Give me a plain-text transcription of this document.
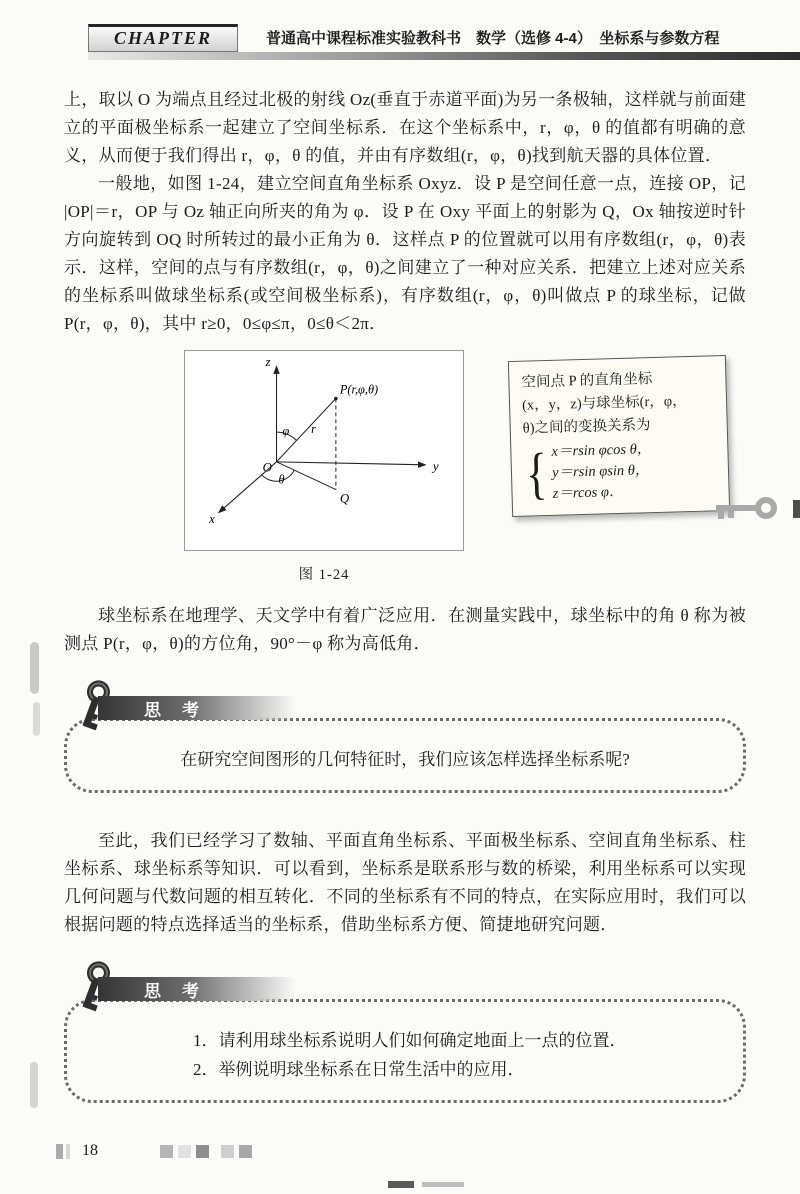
CHAPTER	普通高中课程标准实验教科书　数学（选修 4-4）　坐标系与参数方程

上，取以 O 为端点且经过北极的射线 Oz(垂直于赤道平面)为另一条极轴，这样就与前面建立的平面极坐标系一起建立了空间坐标系．在这个坐标系中，r，φ，θ 的值都有明确的意义，从而便于我们得出 r，φ，θ 的值，并由有序数组(r，φ，θ)找到航天器的具体位置．

一般地，如图 1-24，建立空间直角坐标系 Oxyz．设 P 是空间任意一点，连接 OP，记 |OP|＝r，OP 与 Oz 轴正向所夹的角为 φ．设 P 在 Oxy 平面上的射影为 Q，Ox 轴按逆时针方向旋转到 OQ 时所转过的最小正角为 θ．这样点 P 的位置就可以用有序数组(r，φ，θ)表示．这样，空间的点与有序数组(r，φ，θ)之间建立了一种对应关系．把建立上述对应关系的坐标系叫做球坐标系(或空间极坐标系)，有序数组(r，φ，θ)叫做点 P 的球坐标，记做 P(r，φ，θ)，其中 r≥0，0≤φ≤π，0≤θ＜2π．

z
y
x
O
P(r,φ,θ)
Q
r
φ
θ
图 1-24

空间点 P 的直角坐标

(x，y，z)与球坐标(r，φ，

θ)之间的变换关系为

{ x＝rsin φcos θ，

y＝rsin φsin θ，

z＝rcos φ．

球坐标系在地理学、天文学中有着广泛应用．在测量实践中，球坐标中的角 θ 称为被测点 P(r，φ，θ)的方位角，90°－φ 称为高低角．

思　考

在研究空间图形的几何特征时，我们应该怎样选择坐标系呢?

至此，我们已经学习了数轴、平面直角坐标系、平面极坐标系、空间直角坐标系、柱坐标系、球坐标系等知识．可以看到，坐标系是联系形与数的桥梁，利用坐标系可以实现几何问题与代数问题的相互转化．不同的坐标系有不同的特点，在实际应用时，我们可以根据问题的特点选择适当的坐标系，借助坐标系方便、简捷地研究问题．

思　考

1．请利用球坐标系说明人们如何确定地面上一点的位置．

2．举例说明球坐标系在日常生活中的应用．

18
